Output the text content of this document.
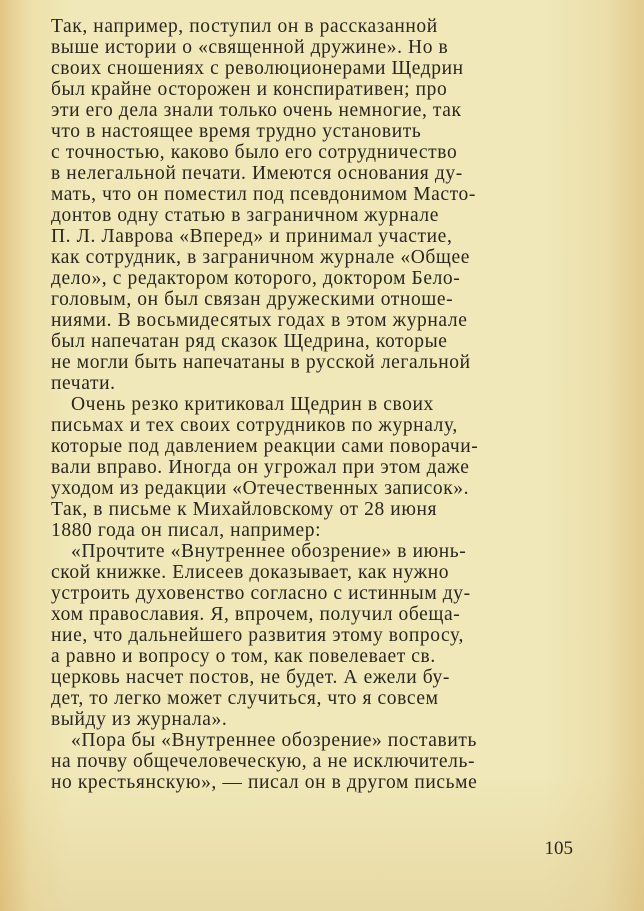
Так, например, поступил он в рассказанной
выше истории о «священной дружине». Но в
своих сношениях с революционерами Щедрин
был крайне осторожен и конспиративен; про
эти его дела знали только очень немногие, так
что в настоящее время трудно установить
с точностью, каково было его сотрудничество
в нелегальной печати. Имеются основания ду-
мать, что он поместил под псевдонимом Масто-
донтов одну статью в заграничном журнале
П. Л. Лаврова «Вперед» и принимал участие,
как сотрудник, в заграничном журнале «Общее
дело», с редактором которого, доктором Бело-
головым, он был связан дружескими отноше-
ниями. В восьмидесятых годах в этом журнале
был напечатан ряд сказок Щедрина, которые
не могли быть напечатаны в русской легальной
печати.
Очень резко критиковал Щедрин в своих
письмах и тех своих сотрудников по журналу,
которые под давлением реакции сами поворачи-
вали вправо. Иногда он угрожал при этом даже
уходом из редакции «Отечественных записок».
Так, в письме к Михайловскому от 28 июня
1880 года он писал, например:
«Прочтите «Внутреннее обозрение» в июнь-
ской книжке. Елисеев доказывает, как нужно
устроить духовенство согласно с истинным ду-
хом православия. Я, впрочем, получил обеща-
ние, что дальнейшего развития этому вопросу,
а равно и вопросу о том, как повелевает св.
церковь насчет постов, не будет. А ежели бу-
дет, то легко может случиться, что я совсем
выйду из журнала».
«Пора бы «Внутреннее обозрение» поставить
на почву общечеловеческую, а не исключитель-
но крестьянскую», — писал он в другом письме
105
